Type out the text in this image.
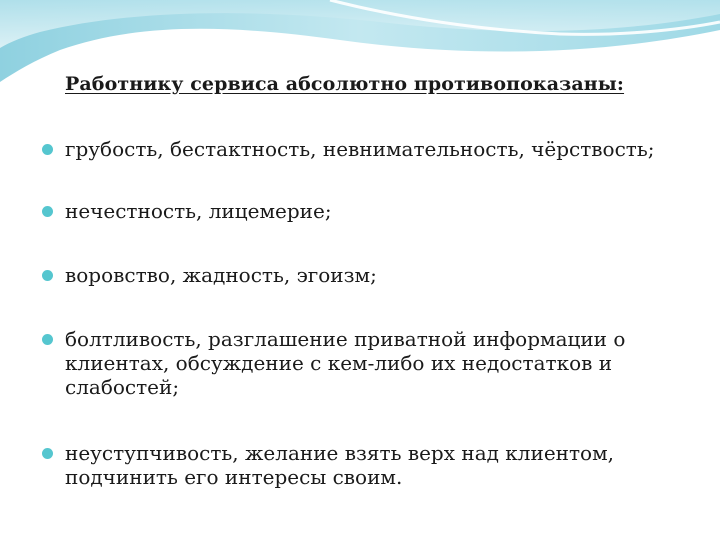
Работнику сервиса абсолютно противопоказаны:
грубость, бестактность, невнимательность, чёрствость;
нечестность, лицемерие;
воровство, жадность, эгоизм;
болтливость, разглашение приватной информации о клиентах, обсуждение с кем-либо их недостатков и слабостей;
неуступчивость, желание взять верх над клиентом, подчинить его интересы своим.
